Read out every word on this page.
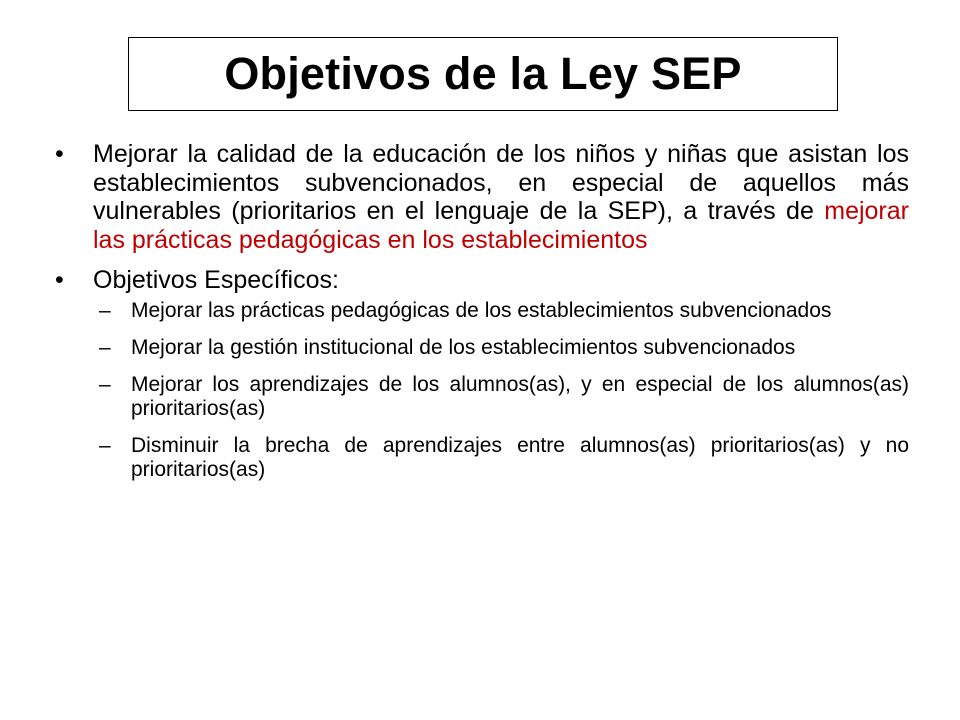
Objetivos de la Ley SEP
•	Mejorar la calidad de la educación de los niños y niñas que asistan los establecimientos subvencionados, en especial de aquellos más vulnerables (prioritarios en el lenguaje de la SEP), a través de mejorar las prácticas pedagógicas en los establecimientos
•	Objetivos Específicos:
– Mejorar las prácticas pedagógicas de los establecimientos subvencionados
– Mejorar la gestión institucional de los establecimientos subvencionados
– Mejorar los aprendizajes de los alumnos(as), y en especial de los alumnos(as) prioritarios(as)
– Disminuir la brecha de aprendizajes entre alumnos(as) prioritarios(as) y no prioritarios(as)
